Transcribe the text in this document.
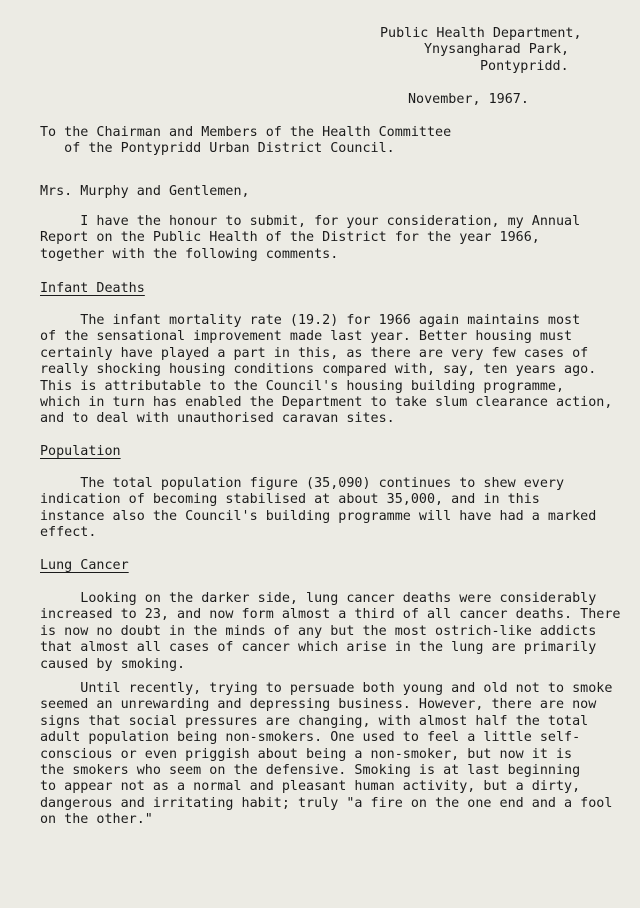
Public Health Department,
Ynysangharad Park,
Pontypridd.
November, 1967.
To the Chairman and Members of the Health Committee
of the Pontypridd Urban District Council.
Mrs. Murphy and Gentlemen,
I have the honour to submit, for your consideration, my Annual
Report on the Public Health of the District for the year 1966,
together with the following comments.
Infant Deaths
The infant mortality rate (19.2) for 1966 again maintains most
of the sensational improvement made last year. Better housing must
certainly have played a part in this, as there are very few cases of
really shocking housing conditions compared with, say, ten years ago.
This is attributable to the Council's housing building programme,
which in turn has enabled the Department to take slum clearance action,
and to deal with unauthorised caravan sites.
Population
The total population figure (35,090) continues to shew every
indication of becoming stabilised at about 35,000, and in this
instance also the Council's building programme will have had a marked
effect.
Lung Cancer
Looking on the darker side, lung cancer deaths were considerably
increased to 23, and now form almost a third of all cancer deaths. There
is now no doubt in the minds of any but the most ostrich-like addicts
that almost all cases of cancer which arise in the lung are primarily
caused by smoking.
Until recently, trying to persuade both young and old not to smoke
seemed an unrewarding and depressing business. However, there are now
signs that social pressures are changing, with almost half the total
adult population being non-smokers. One used to feel a little self-
conscious or even priggish about being a non-smoker, but now it is
the smokers who seem on the defensive. Smoking is at last beginning
to appear not as a normal and pleasant human activity, but a dirty,
dangerous and irritating habit; truly "a fire on the one end and a fool
on the other."
